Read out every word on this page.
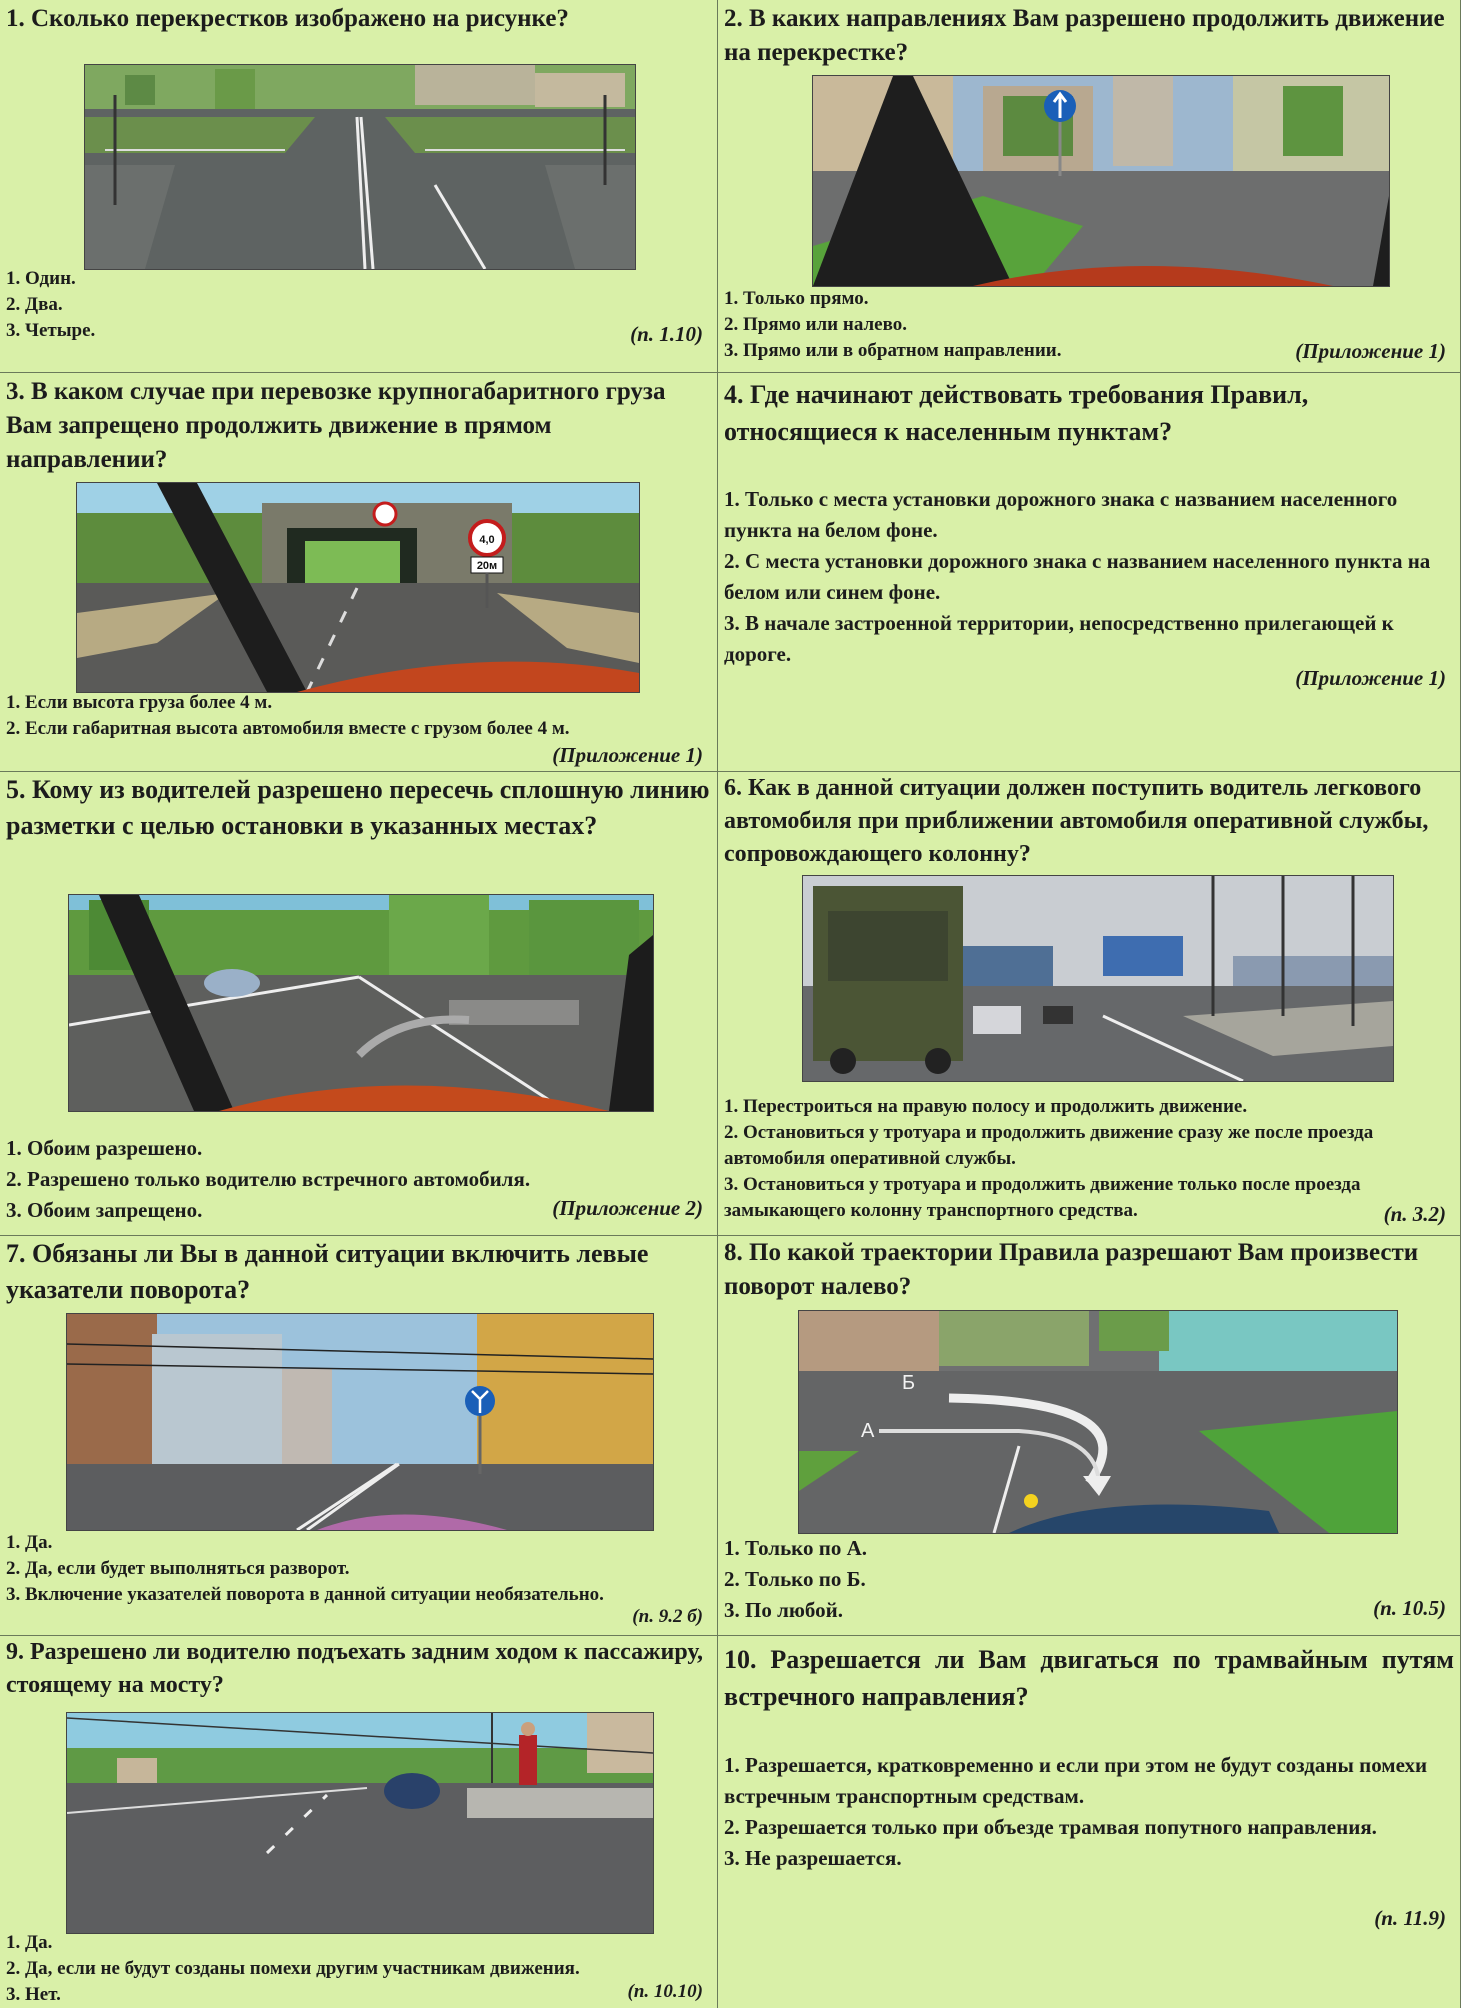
1. Сколько перекрестков изображено на рисунке?

1. Один.
2. Два.
3. Четыре.	(п. 1.10)

2. В каких направлениях Вам разрешено продолжить движение на перекрестке?

1. Только прямо.
2. Прямо или налево.
3. Прямо или в обратном направлении.	(Приложение 1)

3. В каком случае при перевозке крупногабаритного груза Вам запрещено продолжить движение в прямом направлении?

4,0
20м
1. Если высота груза более 4 м.
2. Если габаритная высота автомобиля вместе с грузом более 4 м.
(Приложение 1)

4. Где начинают действовать требования Правил, относящиеся к населенным пунктам?

1. Только с места установки дорожного знака с названием населенного пункта на белом фоне.
2. С места установки дорожного знака с названием населенного пункта на белом или синем фоне.
3. В начале застроенной территории, непосредственно прилегающей к дороге.
(Приложение 1)

5. Кому из водителей разрешено пересечь сплошную линию разметки с целью остановки в указанных местах?

1. Обоим разрешено.
2. Разрешено только водителю встречного автомобиля.
3. Обоим запрещено.	(Приложение 2)

6. Как в данной ситуации должен поступить водитель легкового автомобиля при приближении автомобиля оперативной службы, сопровождающего колонну?

1. Перестроиться на правую полосу и продолжить движение.
2. Остановиться у тротуара и продолжить движение сразу же после проезда автомобиля оперативной службы.
3. Остановиться у тротуара и продолжить движение только после проезда замыкающего колонну транспортного средства.	(п. 3.2)

7. Обязаны ли Вы в данной ситуации включить левые указатели поворота?

1. Да.
2. Да, если будет выполняться разворот.
3. Включение указателей поворота в данной ситуации необязательно.
(п. 9.2 б)

8. По какой траектории Правила разрешают Вам произвести поворот налево?

Б
А
1. Только по А.
2. Только по Б.
3. По любой.	(п. 10.5)

9. Разрешено ли водителю подъехать задним ходом к пассажиру, стоящему на мосту?

1. Да.
2. Да, если не будут созданы помехи другим участникам движения.
3. Нет.	(п. 10.10)

10. Разрешается ли Вам двигаться по трамвайным путям встречного направления?

1. Разрешается, кратковременно и если при этом не будут созданы помехи встречным транспортным средствам.
2. Разрешается только при объезде трамвая попутного направления.
3. Не разрешается.
(п. 11.9)
